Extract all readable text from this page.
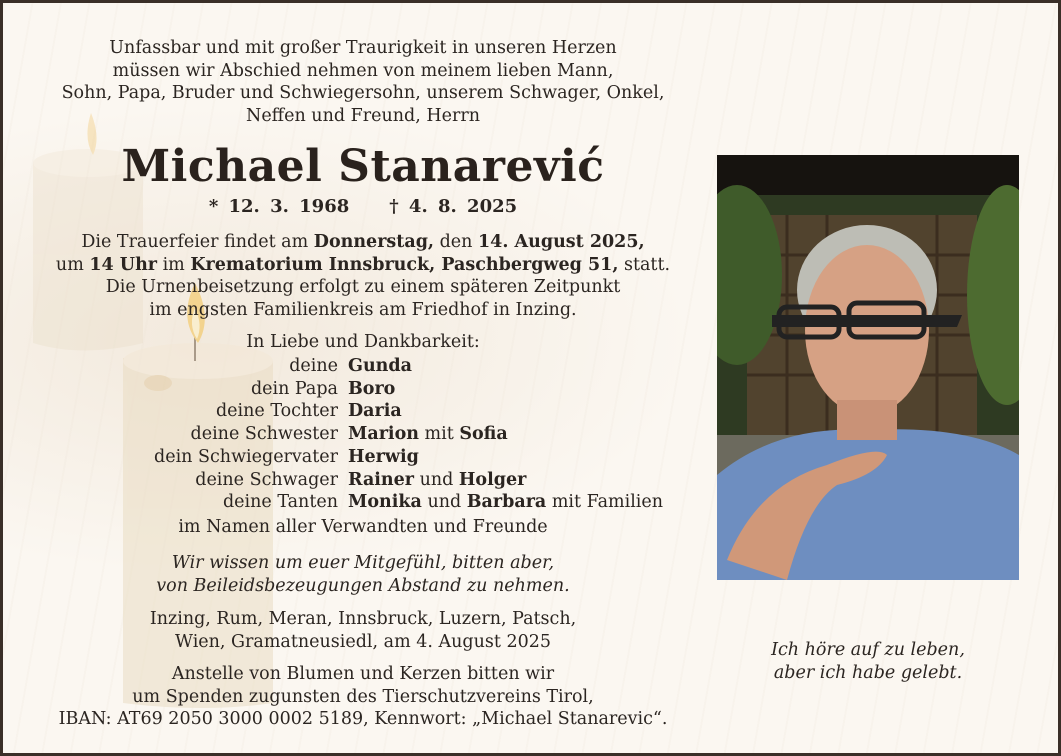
Unfassbar und mit großer Traurigkeit in unseren Herzen
müssen wir Abschied nehmen von meinem lieben Mann,
Sohn, Papa, Bruder und Schwiegersohn, unserem Schwager, Onkel,
Neffen und Freund, Herrn
Michael Stanarević
* 12. 3. 1968 † 4. 8. 2025
Die Trauerfeier findet am Donnerstag, den 14. August 2025,
um 14 Uhr im Krematorium Innsbruck, Paschbergweg 51, statt.
Die Urnenbeisetzung erfolgt zu einem späteren Zeitpunkt
im engsten Familienkreis am Friedhof in Inzing.
In Liebe und Dankbarkeit:
deine Gunda
dein Papa Boro
deine Tochter Daria
deine Schwester Marion mit Sofia
dein Schwiegervater Herwig
deine Schwager Rainer und Holger
deine Tanten Monika und Barbara mit Familien
im Namen aller Verwandten und Freunde
Wir wissen um euer Mitgefühl, bitten aber,
von Beileidsbezeugungen Abstand zu nehmen.
Inzing, Rum, Meran, Innsbruck, Luzern, Patsch,
Wien, Gramatneusiedl, am 4. August 2025
Anstelle von Blumen und Kerzen bitten wir
um Spenden zugunsten des Tierschutzvereins Tirol,
IBAN: AT69 2050 3000 0002 5189, Kennwort: „Michael Stanarevic“.
Ich höre auf zu leben,
aber ich habe gelebt.
